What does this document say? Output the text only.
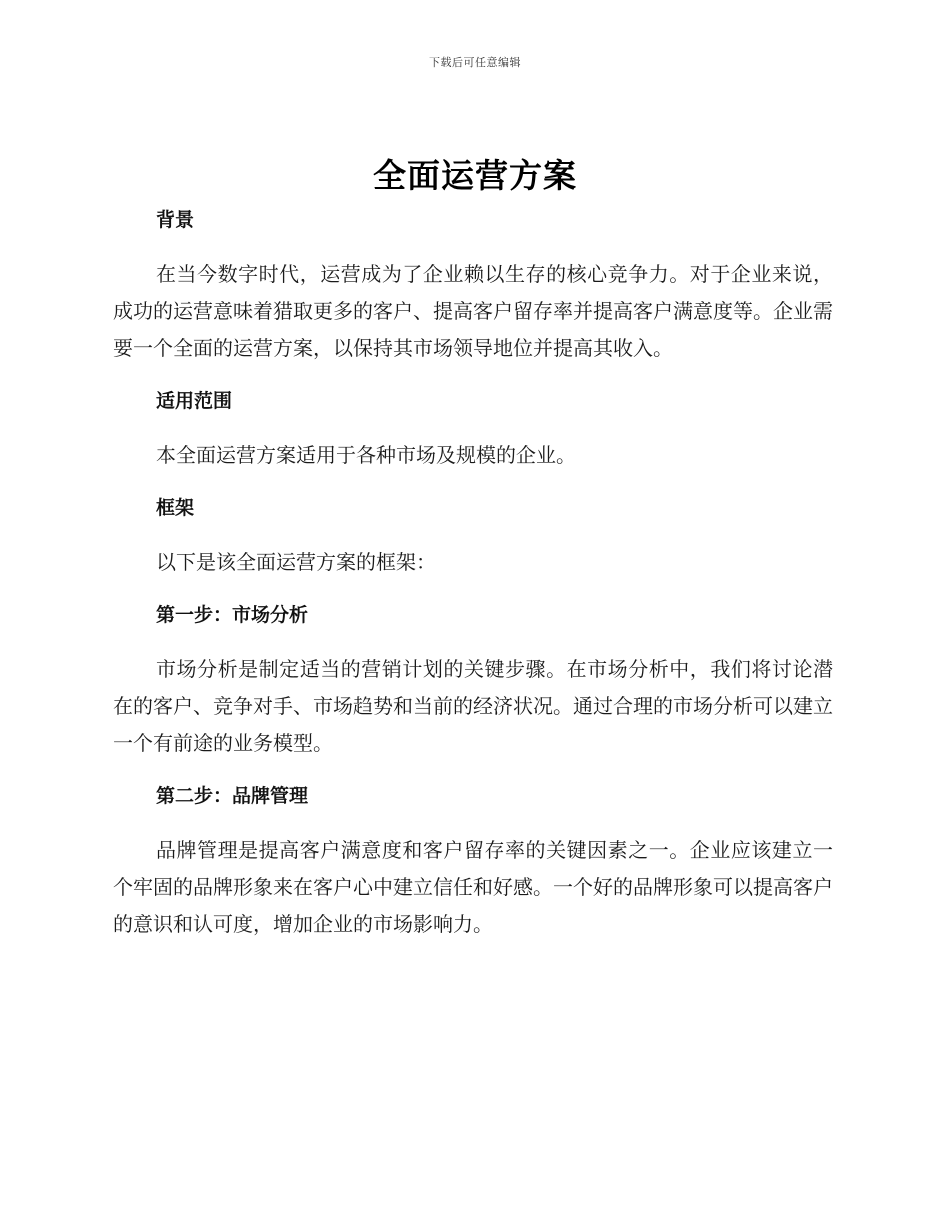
下载后可任意编辑
全面运营方案
背景

在当今数字时代，运营成为了企业赖以生存的核心竞争力。对于企业来说，成功的运营意味着猎取更多的客户、提高客户留存率并提高客户满意度等。企业需要一个全面的运营方案，以保持其市场领导地位并提高其收入。

适用范围

本全面运营方案适用于各种市场及规模的企业。

框架

以下是该全面运营方案的框架：

第一步：市场分析

市场分析是制定适当的营销计划的关键步骤。在市场分析中，我们将讨论潜在的客户、竞争对手、市场趋势和当前的经济状况。通过合理的市场分析可以建立一个有前途的业务模型。

第二步：品牌管理

品牌管理是提高客户满意度和客户留存率的关键因素之一。企业应该建立一个牢固的品牌形象来在客户心中建立信任和好感。一个好的品牌形象可以提高客户的意识和认可度，增加企业的市场影响力。
